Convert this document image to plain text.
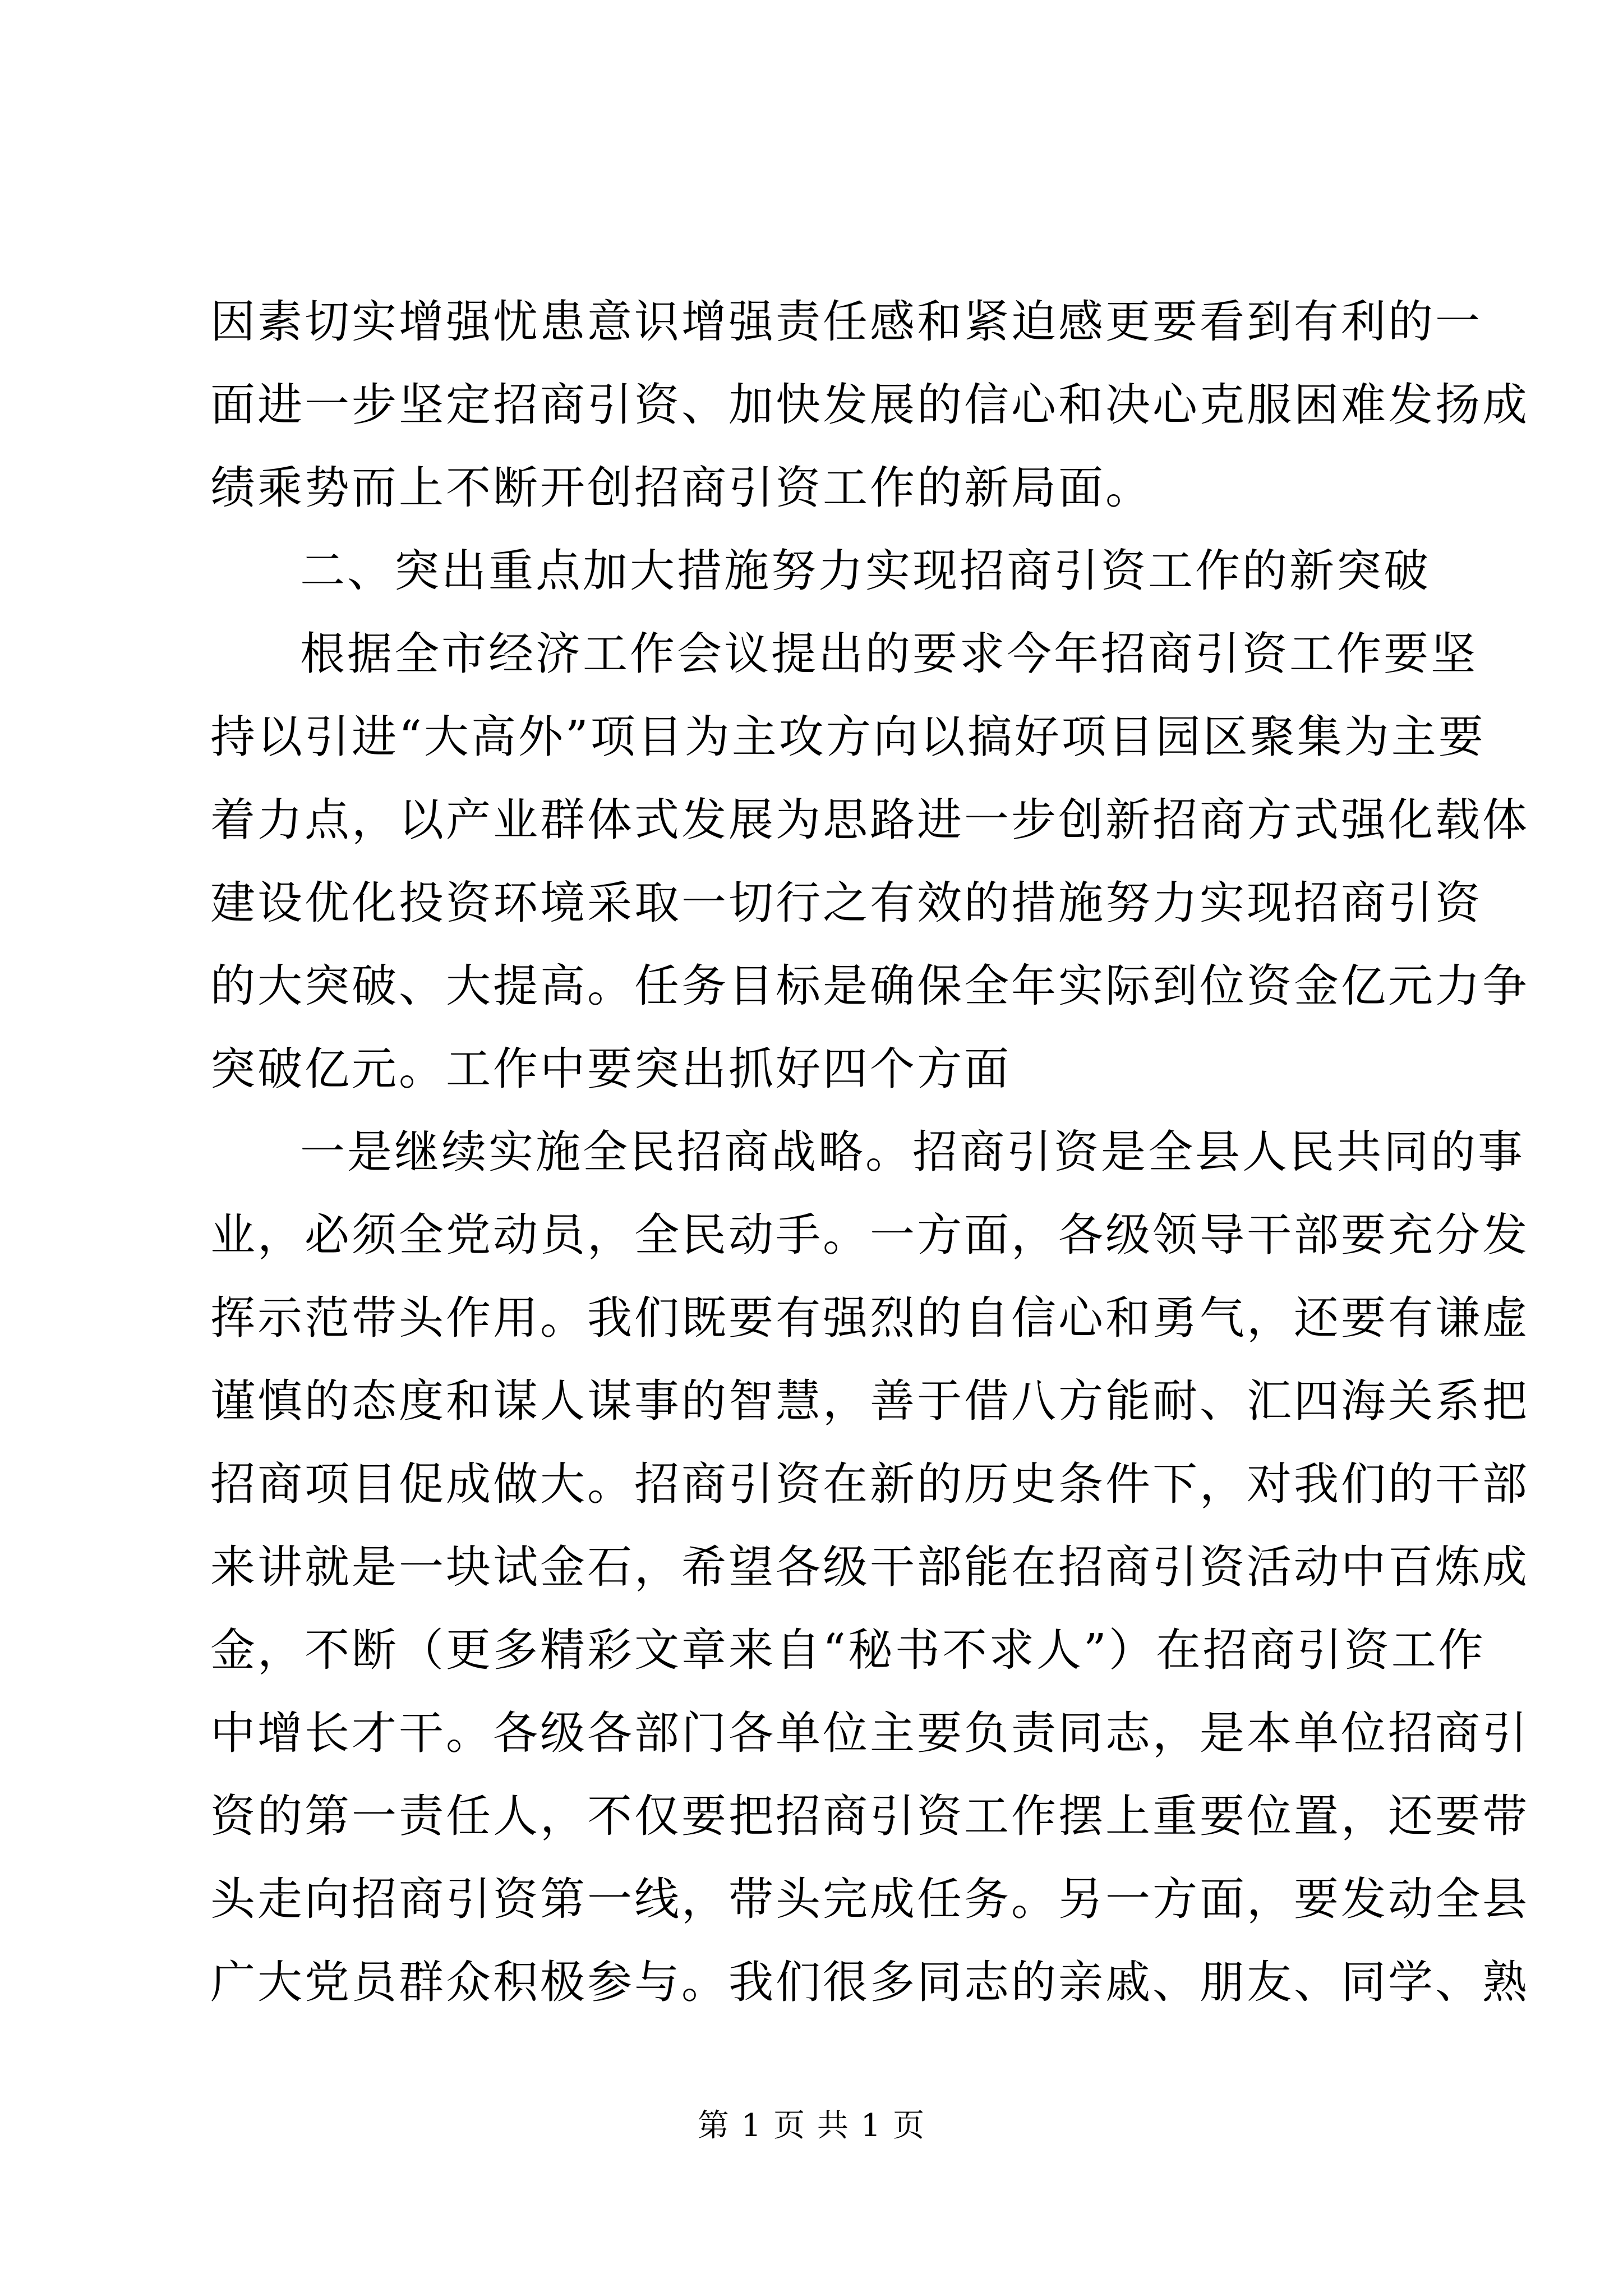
因素切实增强忧患意识增强责任感和紧迫感更要看到有利的一
面进一步坚定招商引资、加快发展的信心和决心克服困难发扬成
绩乘势而上不断开创招商引资工作的新局面。
二、突出重点加大措施努力实现招商引资工作的新突破
根据全市经济工作会议提出的要求今年招商引资工作要坚
持以引进“大高外”项目为主攻方向以搞好项目园区聚集为主要
着力点，以产业群体式发展为思路进一步创新招商方式强化载体
建设优化投资环境采取一切行之有效的措施努力实现招商引资
的大突破、大提高。任务目标是确保全年实际到位资金亿元力争
突破亿元。工作中要突出抓好四个方面
一是继续实施全民招商战略。招商引资是全县人民共同的事
业，必须全党动员，全民动手。一方面，各级领导干部要充分发
挥示范带头作用。我们既要有强烈的自信心和勇气，还要有谦虚
谨慎的态度和谋人谋事的智慧，善于借八方能耐、汇四海关系把
招商项目促成做大。招商引资在新的历史条件下，对我们的干部
来讲就是一块试金石，希望各级干部能在招商引资活动中百炼成
金，不断（更多精彩文章来自“秘书不求人”）在招商引资工作
中增长才干。各级各部门各单位主要负责同志，是本单位招商引
资的第一责任人，不仅要把招商引资工作摆上重要位置，还要带
头走向招商引资第一线，带头完成任务。另一方面，要发动全县
广大党员群众积极参与。我们很多同志的亲戚、朋友、同学、熟
第 1 页 共 1 页
